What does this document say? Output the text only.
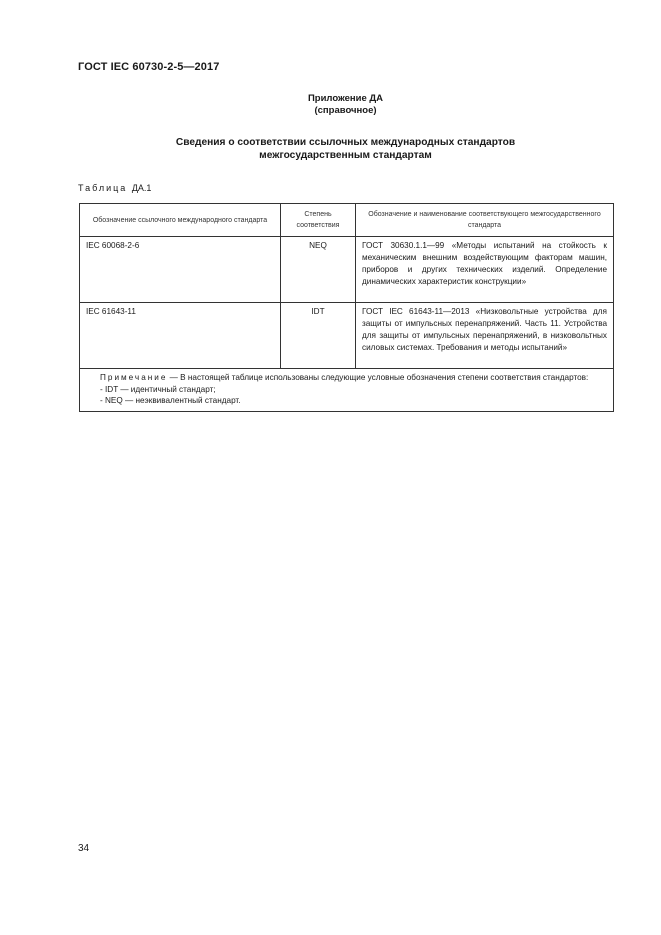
ГОСТ IEC 60730-2-5—2017
Приложение ДА
(справочное)
Сведения о соответствии ссылочных международных стандартов
межгосударственным стандартам
Таблица ДА.1
Обозначение ссылочного международного стандарта	Степень соответствия	Обозначение и наименование соответствующего межгосударственного стандарта
IEC 60068-2-6	NEQ	ГОСТ 30630.1.1—99 «Методы испытаний на стойкость к механическим внешним воздействующим факторам машин, приборов и других технических изделий. Определение динамических характеристик конструкции»
IEC 61643-11	IDT	ГОСТ IEC 61643-11—2013 «Низковольтные устройства для защиты от импульсных перенапряжений. Часть 11. Устройства для защиты от импульсных перенапряжений, в низковольтных силовых системах. Требования и методы испытаний»

Примечание — В настоящей таблице использованы следующие условные обозначения степени соответствия стандартов:
- IDT — идентичный стандарт;
- NEQ — неэквивалентный стандарт.		
34
